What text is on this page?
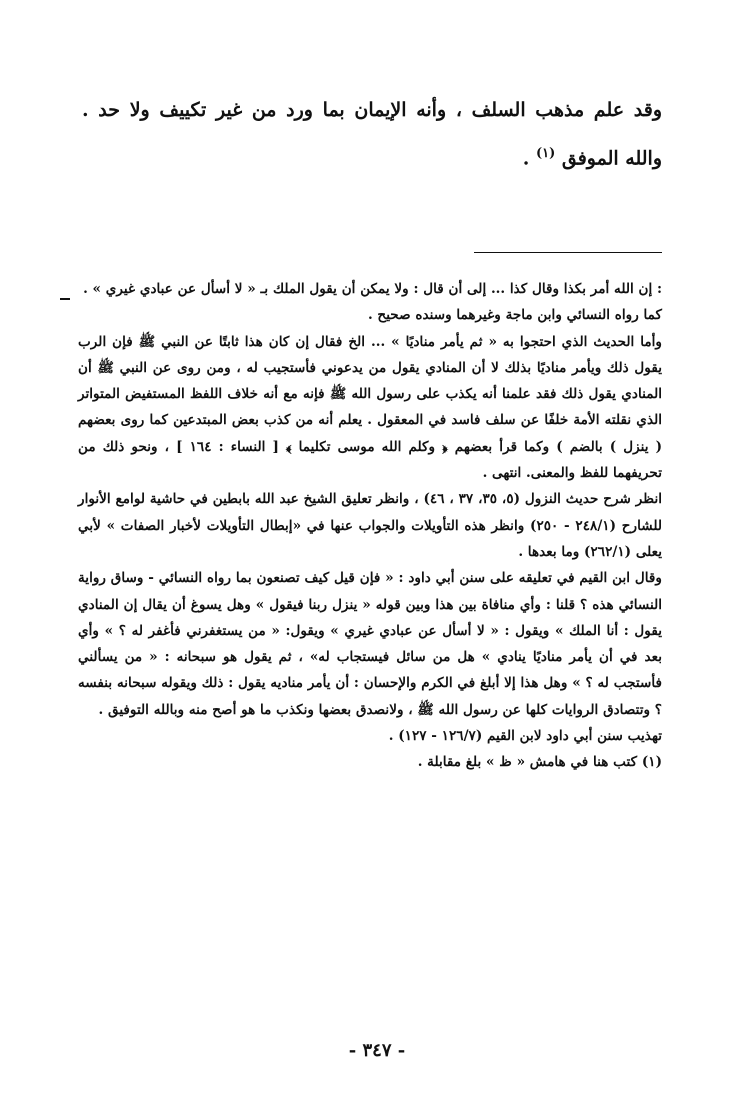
وقد علم مذهب السلف ، وأنه الإيمان بما ورد من غير تكييف ولا حد . والله الموفق $^{(١)}$ .

: إن الله أمر بكذا وقال كذا ... إلى أن قال : ولا يمكن أن يقول الملك بـ « لا أسأل عن عبادي غيري » .

كما رواه النسائي وابن ماجة وغيرهما وسنده صحيح .

وأما الحديث الذي احتجوا به « ثم يأمر مناديًا » ... الخ فقال إن كان هذا ثابتًا عن النبي ﷺ فإن الرب يقول ذلك ويأمر مناديًا بذلك لا أن المنادي يقول من يدعوني فأستجيب له ، ومن روى عن النبي ﷺ أن المنادي يقول ذلك فقد علمنا أنه يكذب على رسول الله ﷺ فإنه مع أنه خلاف اللفظ المستفيض المتواتر الذي نقلته الأمة خلفًا عن سلف فاسد في المعقول . يعلم أنه من كذب بعض المبتدعين كما روى بعضهم ( ينزل ) بالضم ) وكما قرأ بعضهم ﴿ وكلم الله موسى تكليما ﴾ [ النساء : ١٦٤ ] ، ونحو ذلك من تحريفهما للفظ والمعنى. انتهى .

انظر شرح حديث النزول (٥، ٣٥، ٣٧ ، ٤٦) ، وانظر تعليق الشيخ عبد الله بابطين في حاشية لوامع الأنوار للشارح (٢٤٨/١ - ٢٥٠) وانظر هذه التأويلات والجواب عنها في «إبطال التأويلات لأخبار الصفات » لأبي يعلى (٢٦٢/١) وما بعدها .

وقال ابن القيم في تعليقه على سنن أبي داود : « فإن قيل كيف تصنعون بما رواه النسائي - وساق رواية النسائي هذه ؟ قلنا : وأي منافاة بين هذا وبين قوله « ينزل ربنا فيقول » وهل يسوغ أن يقال إن المنادي يقول : أنا الملك » ويقول : « لا أسأل عن عبادي غيري » ويقول: « من يستغفرني فأغفر له ؟ » وأي بعد في أن يأمر مناديًا ينادي » هل من سائل فيستجاب له» ، ثم يقول هو سبحانه : « من يسألني فأستجب له ؟ » وهل هذا إلا أبلغ في الكرم والإحسان : أن يأمر مناديه يقول : ذلك ويقوله سبحانه بنفسه ؟ وتتصادق الروايات كلها عن رسول الله ﷺ ، ولانصدق بعضها ونكذب ما هو أصح منه وبالله التوفيق .

تهذيب سنن أبي داود لابن القيم (١٢٦/٧ - ١٢٧) .

(١) كتب هنا في هامش « ظ » بلغ مقابلة .

- ٣٤٧ -
